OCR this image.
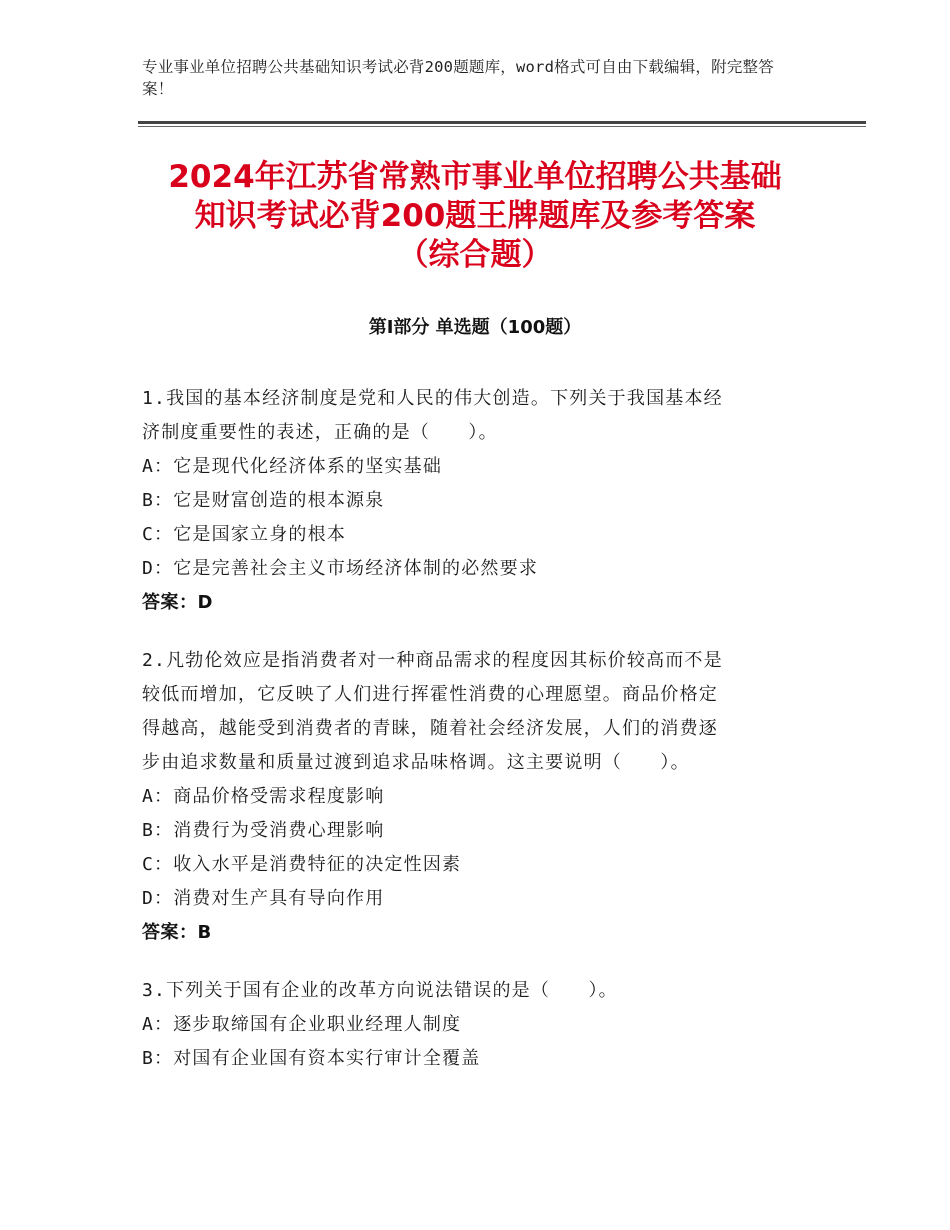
专业事业单位招聘公共基础知识考试必背200题题库，word格式可自由下载编辑，附完整答案！
2024年江苏省常熟市事业单位招聘公共基础
知识考试必背200题王牌题库及参考答案
（综合题）
第Ⅰ部分 单选题（100题）
1.我国的基本经济制度是党和人民的伟大创造。下列关于我国基本经
济制度重要性的表述，正确的是（　　）。
A：它是现代化经济体系的坚实基础
B：它是财富创造的根本源泉
C：它是国家立身的根本
D：它是完善社会主义市场经济体制的必然要求
答案：D
2.凡勃伦效应是指消费者对一种商品需求的程度因其标价较高而不是
较低而增加，它反映了人们进行挥霍性消费的心理愿望。商品价格定
得越高，越能受到消费者的青睐，随着社会经济发展，人们的消费逐
步由追求数量和质量过渡到追求品味格调。这主要说明（　　）。
A：商品价格受需求程度影响
B：消费行为受消费心理影响
C：收入水平是消费特征的决定性因素
D：消费对生产具有导向作用
答案：B
3.下列关于国有企业的改革方向说法错误的是（　　）。
A：逐步取缔国有企业职业经理人制度
B：对国有企业国有资本实行审计全覆盖
